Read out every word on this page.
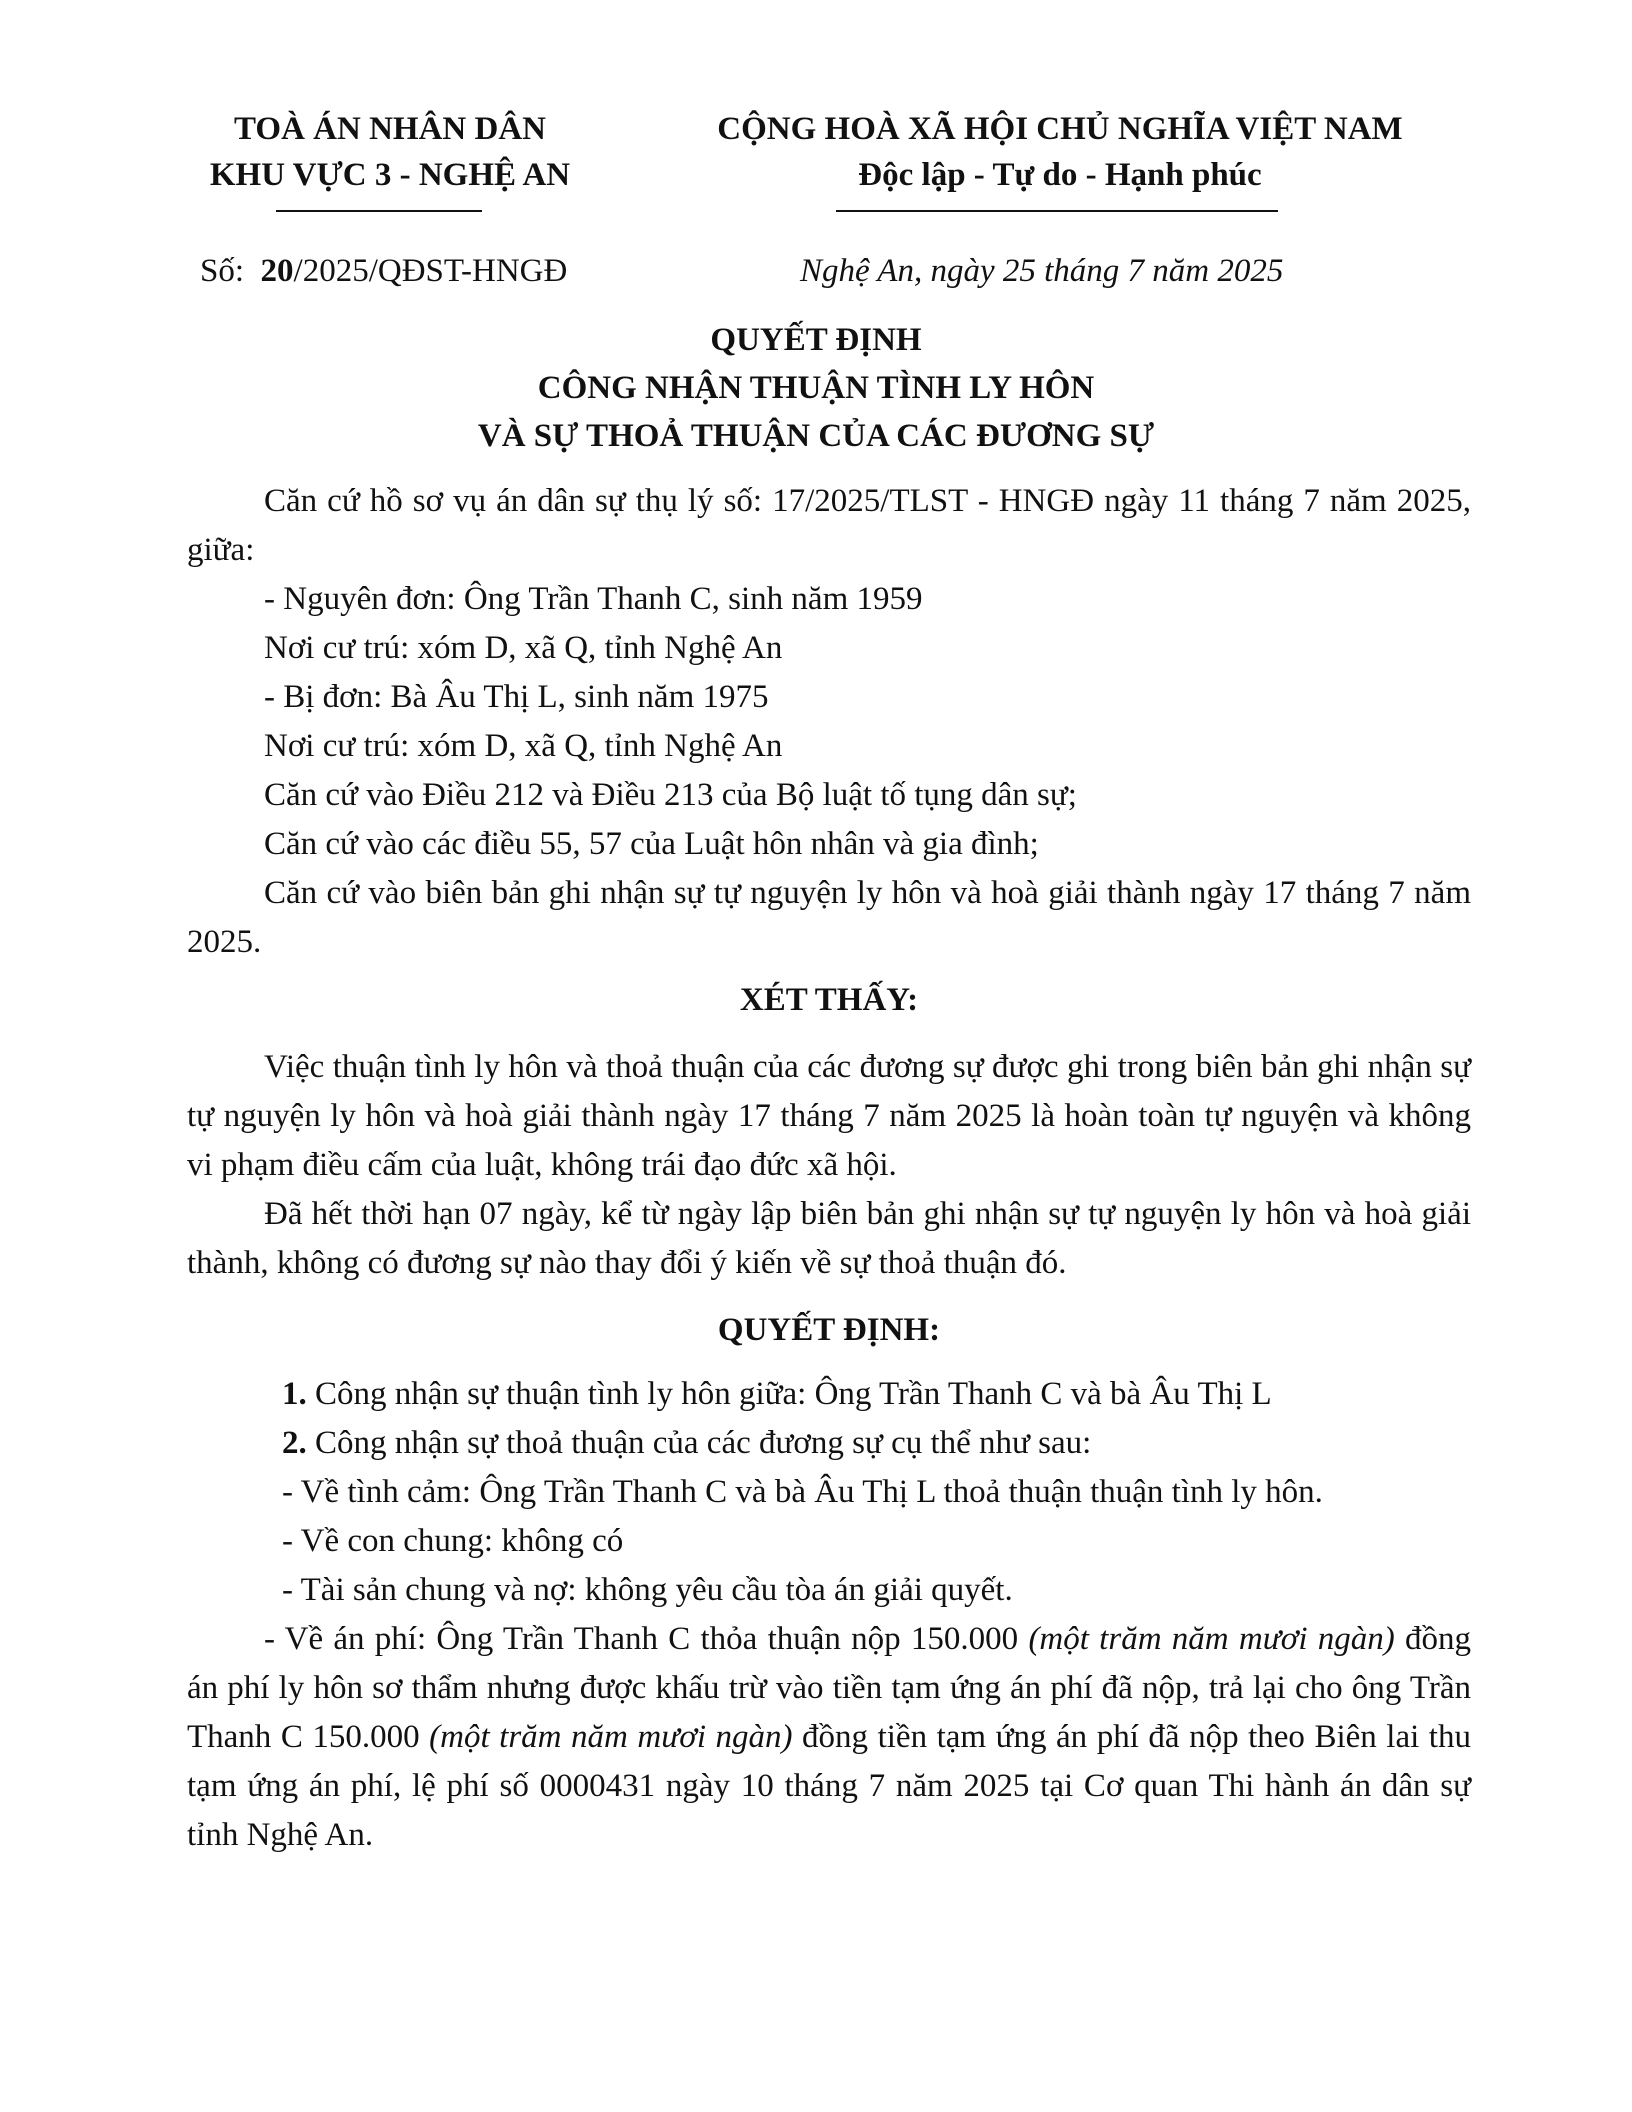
TOÀ ÁN NHÂN DÂN
KHU VỰC 3 - NGHỆ AN
CỘNG HOÀ XÃ HỘI CHỦ NGHĨA VIỆT NAM
Độc lập - Tự do - Hạnh phúc
Số: 20/2025/QĐST-HNGĐ	Nghệ An, ngày 25 tháng 7 năm 2025
QUYẾT ĐỊNH
CÔNG NHẬN THUẬN TÌNH LY HÔN
VÀ SỰ THOẢ THUẬN CỦA CÁC ĐƯƠNG SỰ

Căn cứ hồ sơ vụ án dân sự thụ lý số: 17/2025/TLST - HNGĐ ngày 11 tháng 7 năm 2025, giữa:

- Nguyên đơn: Ông Trần Thanh C, sinh năm 1959

Nơi cư trú: xóm D, xã Q, tỉnh Nghệ An

- Bị đơn: Bà Âu Thị L, sinh năm 1975

Nơi cư trú: xóm D, xã Q, tỉnh Nghệ An

Căn cứ vào Điều 212 và Điều 213 của Bộ luật tố tụng dân sự;

Căn cứ vào các điều 55, 57 của Luật hôn nhân và gia đình;

Căn cứ vào biên bản ghi nhận sự tự nguyện ly hôn và hoà giải thành ngày 17 tháng 7 năm 2025.

XÉT THẤY:

Việc thuận tình ly hôn và thoả thuận của các đương sự được ghi trong biên bản ghi nhận sự tự nguyện ly hôn và hoà giải thành ngày 17 tháng 7 năm 2025 là hoàn toàn tự nguyện và không vi phạm điều cấm của luật, không trái đạo đức xã hội.

Đã hết thời hạn 07 ngày, kể từ ngày lập biên bản ghi nhận sự tự nguyện ly hôn và hoà giải thành, không có đương sự nào thay đổi ý kiến về sự thoả thuận đó.

QUYẾT ĐỊNH:

1. Công nhận sự thuận tình ly hôn giữa: Ông Trần Thanh C và bà Âu Thị L

2. Công nhận sự thoả thuận của các đương sự cụ thể như sau:

- Về tình cảm: Ông Trần Thanh C và bà Âu Thị L thoả thuận thuận tình ly hôn.

- Về con chung: không có

- Tài sản chung và nợ: không yêu cầu tòa án giải quyết.

- Về án phí: Ông Trần Thanh C thỏa thuận nộp 150.000 (một trăm năm mươi ngàn) đồng án phí ly hôn sơ thẩm nhưng được khấu trừ vào tiền tạm ứng án phí đã nộp, trả lại cho ông Trần Thanh C 150.000 (một trăm năm mươi ngàn) đồng tiền tạm ứng án phí đã nộp theo Biên lai thu tạm ứng án phí, lệ phí số 0000431 ngày 10 tháng 7 năm 2025 tại Cơ quan Thi hành án dân sự tỉnh Nghệ An.
